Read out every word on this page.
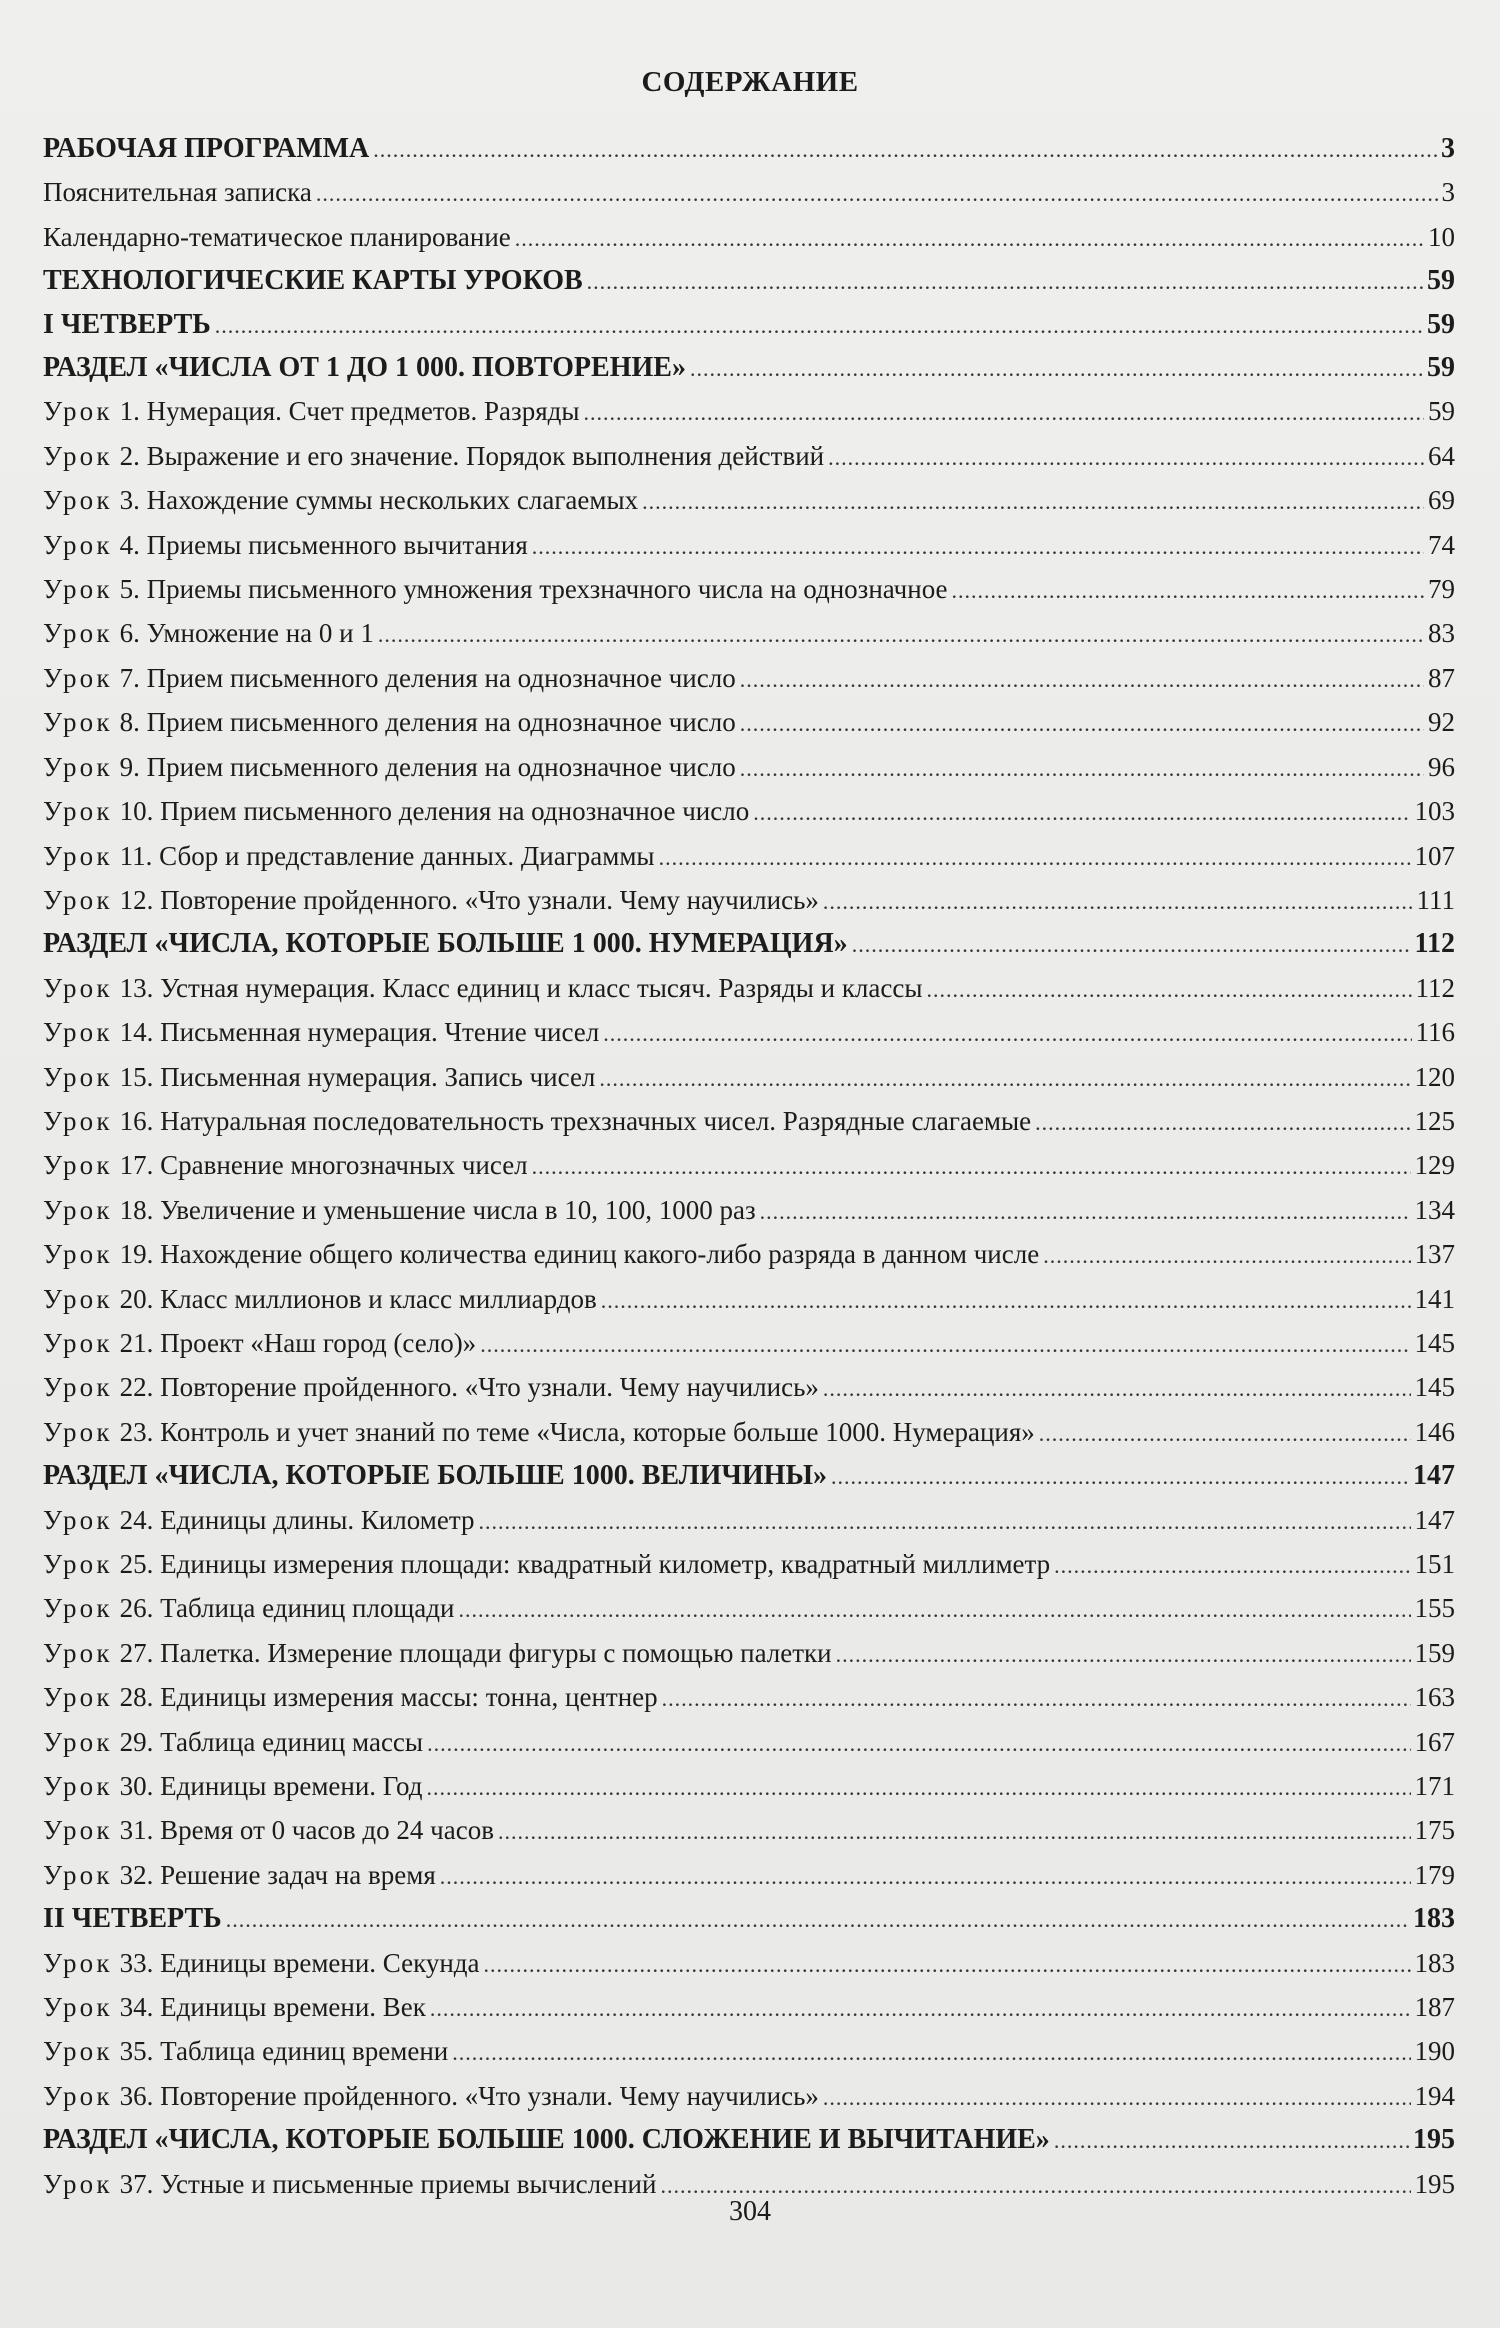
СОДЕРЖАНИЕ
РАБОЧАЯ ПРОГРАММА .....	3
Пояснительная записка .....	3
Календарно-тематическое планирование .....	10
ТЕХНОЛОГИЧЕСКИЕ КАРТЫ УРОКОВ .....	59
I ЧЕТВЕРТЬ .....	59
РАЗДЕЛ «ЧИСЛА ОТ 1 ДО 1 000. ПОВТОРЕНИЕ» .....	59
Урок 1. Нумерация. Счет предметов. Разряды .....	59
Урок 2. Выражение и его значение. Порядок выполнения действий .....	64
Урок 3. Нахождение суммы нескольких слагаемых .....	69
Урок 4. Приемы письменного вычитания .....	74
Урок 5. Приемы письменного умножения трехзначного числа на однозначное .....	79
Урок 6. Умножение на 0 и 1 .....	83
Урок 7. Прием письменного деления на однозначное число .....	87
Урок 8. Прием письменного деления на однозначное число .....	92
Урок 9. Прием письменного деления на однозначное число .....	96
Урок 10. Прием письменного деления на однозначное число .....	103
Урок 11. Сбор и представление данных. Диаграммы .....	107
Урок 12. Повторение пройденного. «Что узнали. Чему научились» .....	111
РАЗДЕЛ «ЧИСЛА, КОТОРЫЕ БОЛЬШЕ 1 000. НУМЕРАЦИЯ» .....	112
Урок 13. Устная нумерация. Класс единиц и класс тысяч. Разряды и классы .....	112
Урок 14. Письменная нумерация. Чтение чисел .....	116
Урок 15. Письменная нумерация. Запись чисел .....	120
Урок 16. Натуральная последовательность трехзначных чисел. Разрядные слагаемые .....	125
Урок 17. Сравнение многозначных чисел .....	129
Урок 18. Увеличение и уменьшение числа в 10, 100, 1000 раз .....	134
Урок 19. Нахождение общего количества единиц какого-либо разряда в данном числе .....	137
Урок 20. Класс миллионов и класс миллиардов .....	141
Урок 21. Проект «Наш город (село)» .....	145
Урок 22. Повторение пройденного. «Что узнали. Чему научились» .....	145
Урок 23. Контроль и учет знаний по теме «Числа, которые больше 1000. Нумерация» .....	146
РАЗДЕЛ «ЧИСЛА, КОТОРЫЕ БОЛЬШЕ 1000. ВЕЛИЧИНЫ» .....	147
Урок 24. Единицы длины. Километр .....	147
Урок 25. Единицы измерения площади: квадратный километр, квадратный миллиметр .....	151
Урок 26. Таблица единиц площади .....	155
Урок 27. Палетка. Измерение площади фигуры с помощью палетки .....	159
Урок 28. Единицы измерения массы: тонна, центнер .....	163
Урок 29. Таблица единиц массы .....	167
Урок 30. Единицы времени. Год .....	171
Урок 31. Время от 0 часов до 24 часов .....	175
Урок 32. Решение задач на время .....	179
II ЧЕТВЕРТЬ .....	183
Урок 33. Единицы времени. Секунда .....	183
Урок 34. Единицы времени. Век .....	187
Урок 35. Таблица единиц времени .....	190
Урок 36. Повторение пройденного. «Что узнали. Чему научились» .....	194
РАЗДЕЛ «ЧИСЛА, КОТОРЫЕ БОЛЬШЕ 1000. СЛОЖЕНИЕ И ВЫЧИТАНИЕ» .....	195
Урок 37. Устные и письменные приемы вычислений .....	195
304
